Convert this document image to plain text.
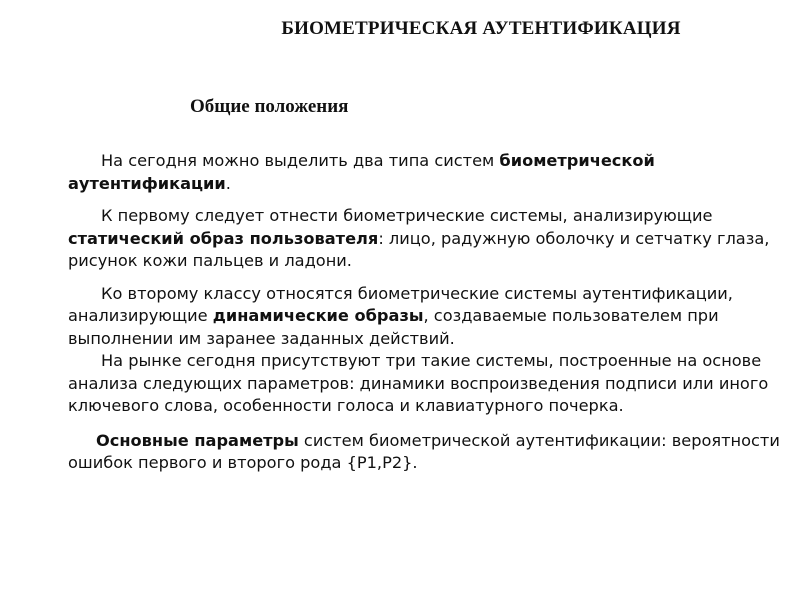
БИОМЕТРИЧЕСКАЯ АУТЕНТИФИКАЦИЯ
Общие положения

На сегодня можно выделить два типа систем биометрической аутентификации.

К первому следует отнести биометрические системы, анализирующие статический образ пользователя: лицо, радужную оболочку и сетчатку глаза, рисунок кожи пальцев и ладони.

Ко второму классу относятся биометрические системы аутентификации, анализирующие динамические образы, создаваемые пользователем при выполнении им заранее заданных действий.

На рынке сегодня присутствуют три такие системы, построенные на основе анализа следующих параметров: динамики воспроизведения подписи или иного ключевого слова, особенности голоса и клавиатурного почерка.

Основные параметры систем биометрической аутентификации: вероятности ошибок первого и второго рода {P1,P2}.
